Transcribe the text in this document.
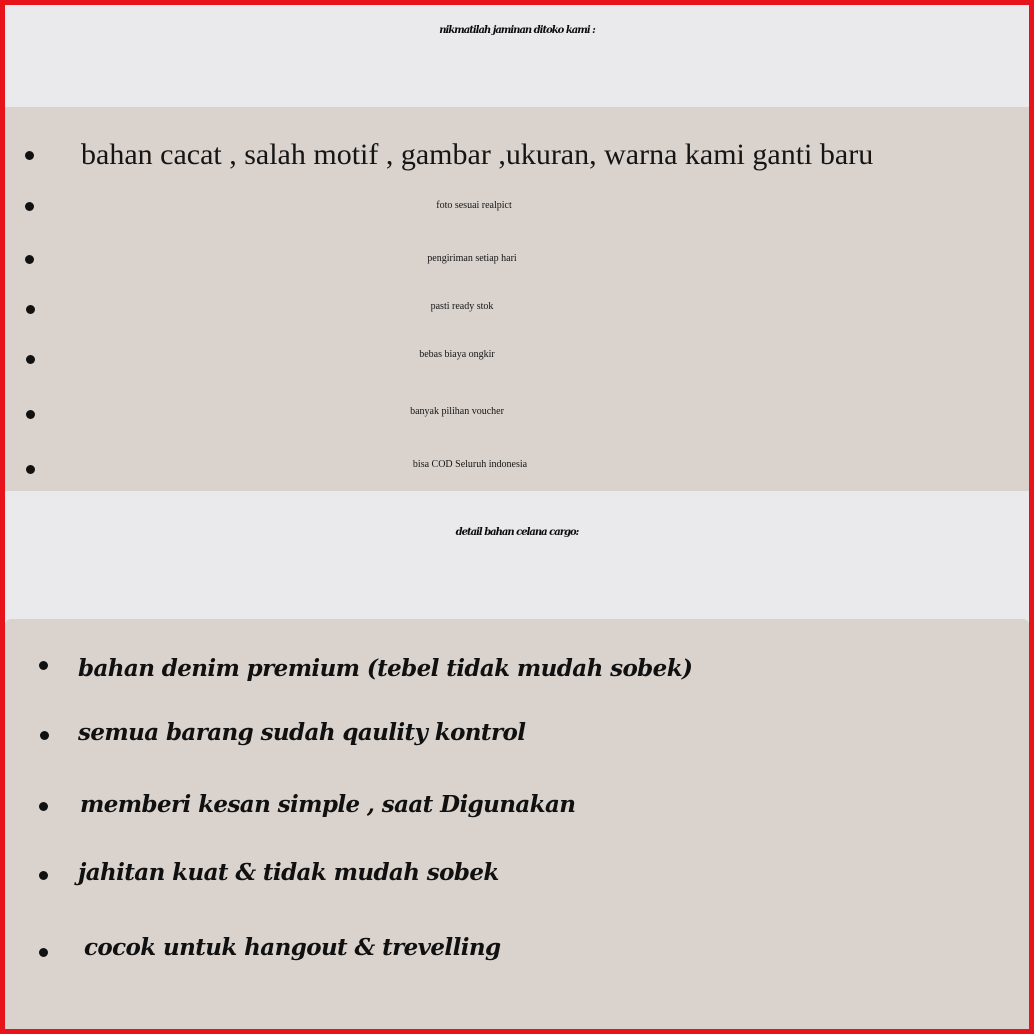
nikmatilah jaminan ditoko kami :
bahan cacat , salah motif , gambar ,ukuran, warna kami ganti baru
foto sesuai realpict
pengiriman setiap hari
pasti ready stok
bebas biaya ongkir
banyak pilihan voucher
bisa COD Seluruh indonesia
detail bahan celana cargo:
bahan denim premium (tebel tidak mudah sobek)
semua barang sudah qaulity kontrol
memberi kesan simple , saat Digunakan
jahitan kuat & tidak mudah sobek
cocok untuk hangout & trevelling
